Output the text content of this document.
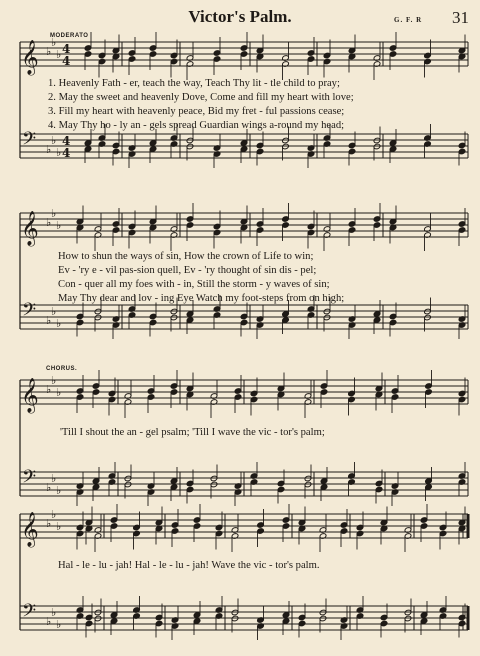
Victor's Palm.	G. F. R 31
MODERATO
CHORUS.
𝄞
𝄢
♭
♭
♭
♭
♭
♭
4
4
4
4
𝄞
𝄢
♭
♭
♭
♭
♭
♭
𝄞
𝄢
♭
♭
♭
♭
♭
♭
𝄞
𝄢
♭
♭
♭
♭
♭
♭
1. Heavenly Fath - er, teach the way, Teach Thy lit - tle child to pray;
2. May the sweet and heavenly Dove, Come and fill my heart with love;
3. Fill my heart with heavenly peace, Bid my fret - ful passions cease;
4. May Thy ho - ly an - gels spread Guardian wings a-round my head;
How to shun the ways of sin, How the crown of Life to win;
Ev - 'ry e - vil pas-sion quell, Ev - 'ry thought of sin dis - pel;
Con - quer all my foes with - in, Still the storm - y waves of sin;
May Thy dear and lov - ing Eye Watch my foot-steps from on high;
'Till I shout the an - gel psalm; 'Till I wave the vic - tor's palm;
Hal - le - lu - jah! Hal - le - lu - jah! Wave the vic - tor's palm.
